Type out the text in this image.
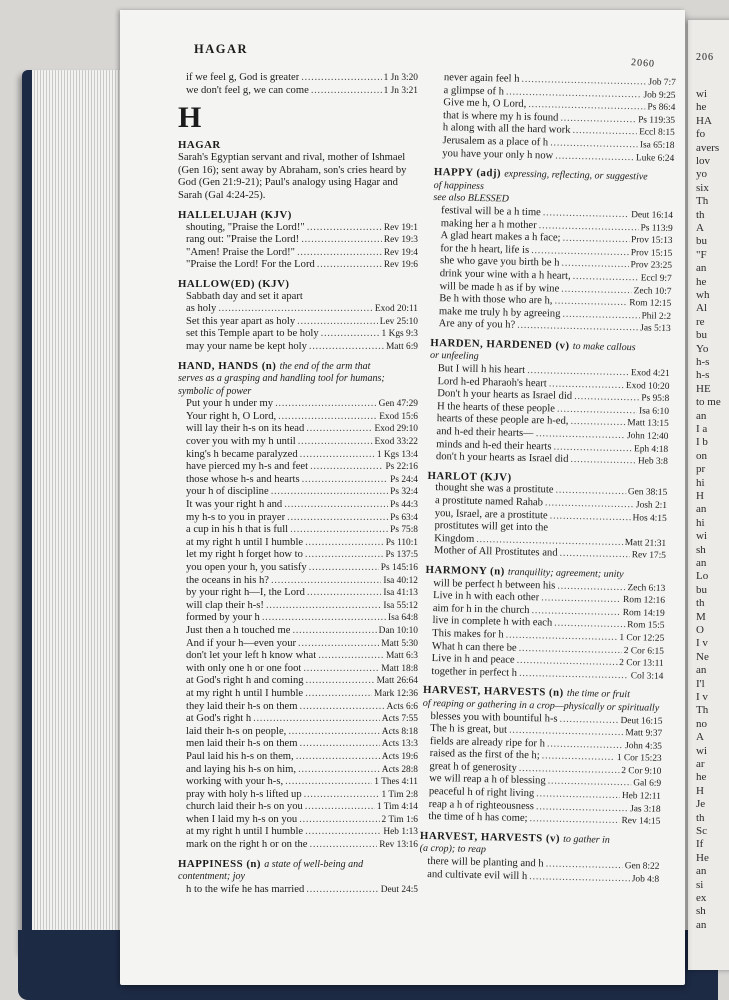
206
wi
he
HA
fo
avers
lov
yo
six
Th
th
A
bu
"F
an
he
wh
Al
re
bu
Yo
h-s
h-s
HE
to me
an
I a
I b
on
pr
hi
H
an
hi
wi
sh
an
Lo
bu
th
M
O
I v
Ne
an
I'l
I v
Th
no
A
wi
ar
he
H
Je
th
Sc
If
He
an
si
ex
sh
an
HAGAR
2060
if we feel g, God is greater . . .	1 Jn 3:20
we don't feel g, we can come . . .	1 Jn 3:21
H
HAGAR
Sarah's Egyptian servant and rival, mother of Ishmael (Gen 16); sent away by Abraham, son's cries heard by God (Gen 21:9-21); Paul's analogy using Hagar and Sarah (Gal 4:24-25).
HALLELUJAH (KJV)
shouting, "Praise the Lord!" . . .	Rev 19:1
rang out: "Praise the Lord! . . .	Rev 19:3
"Amen! Praise the Lord!" . . .	Rev 19:4
"Praise the Lord! For the Lord . . .	Rev 19:6
HALLOW(ED) (KJV)
Sabbath day and set it apart
as holy . . .	Exod 20:11
Set this year apart as holy . . .	Lev 25:10
set this Temple apart to be holy . . .	1 Kgs 9:3
may your name be kept holy . . .	Matt 6:9
HAND, HANDS (n) the end of the arm that
serves as a grasping and handling tool for humans; symbolic of power
Put your h under my . . .	Gen 47:29
Your right h, O Lord, . . .	Exod 15:6
will lay their h-s on its head . . .	Exod 29:10
cover you with my h until . . .	Exod 33:22
king's h became paralyzed . . .	1 Kgs 13:4
have pierced my h-s and feet . . .	Ps 22:16
those whose h-s and hearts . . .	Ps 24:4
your h of discipline . . .	Ps 32:4
It was your right h and . . .	Ps 44:3
my h-s to you in prayer . . .	Ps 63:4
a cup in his h that is full . . .	Ps 75:8
at my right h until I humble . . .	Ps 110:1
let my right h forget how to . . .	Ps 137:5
you open your h, you satisfy . . .	Ps 145:16
the oceans in his h? . . .	Isa 40:12
by your right h—I, the Lord . . .	Isa 41:13
will clap their h-s! . . .	Isa 55:12
formed by your h . . .	Isa 64:8
Just then a h touched me . . .	Dan 10:10
And if your h—even your . . .	Matt 5:30
don't let your left h know what . . .	Matt 6:3
with only one h or one foot . . .	Matt 18:8
at God's right h and coming . . .	Matt 26:64
at my right h until I humble . . .	Mark 12:36
they laid their h-s on them . . .	Acts 6:6
at God's right h . . .	Acts 7:55
laid their h-s on people, . . .	Acts 8:18
men laid their h-s on them . . .	Acts 13:3
Paul laid his h-s on them, . . .	Acts 19:6
and laying his h-s on him, . . .	Acts 28:8
working with your h-s, . . .	1 Thes 4:11
pray with holy h-s lifted up . . .	1 Tim 2:8
church laid their h-s on you . . .	1 Tim 4:14
when I laid my h-s on you . . .	2 Tim 1:6
at my right h until I humble . . .	Heb 1:13
mark on the right h or on the . . .	Rev 13:16
HAPPINESS (n) a state of well-being and
contentment; joy
h to the wife he has married . . .	Deut 24:5
never again feel h . . .	Job 7:7
a glimpse of h . . .	Job 9:25
Give me h, O Lord, . . .	Ps 86:4
that is where my h is found . . .	Ps 119:35
h along with all the hard work . . .	Eccl 8:15
Jerusalem as a place of h . . .	Isa 65:18
you have your only h now . . .	Luke 6:24
HAPPY (adj) expressing, reflecting, or suggestive
of happiness
see also BLESSED
festival will be a h time . . .	Deut 16:14
making her a h mother . . .	Ps 113:9
A glad heart makes a h face; . . .	Prov 15:13
for the h heart, life is . . .	Prov 15:15
she who gave you birth be h . . .	Prov 23:25
drink your wine with a h heart, . . .	Eccl 9:7
will be made h as if by wine . . .	Zech 10:7
Be h with those who are h, . . .	Rom 12:15
make me truly h by agreeing . . .	Phil 2:2
Are any of you h? . . .	Jas 5:13
HARDEN, HARDENED (v) to make callous
or unfeeling
But I will h his heart . . .	Exod 4:21
Lord h-ed Pharaoh's heart . . .	Exod 10:20
Don't h your hearts as Israel did . . .	Ps 95:8
H the hearts of these people . . .	Isa 6:10
hearts of these people are h-ed, . . .	Matt 13:15
and h-ed their hearts— . . .	John 12:40
minds and h-ed their hearts . . .	Eph 4:18
don't h your hearts as Israel did . . .	Heb 3:8
HARLOT (KJV)
thought she was a prostitute . . .	Gen 38:15
a prostitute named Rahab . . .	Josh 2:1
you, Israel, are a prostitute . . .	Hos 4:15
prostitutes will get into the
Kingdom . . .	Matt 21:31
Mother of All Prostitutes and . . .	Rev 17:5
HARMONY (n) tranquility; agreement; unity
will be perfect h between his . . .	Zech 6:13
Live in h with each other . . .	Rom 12:16
aim for h in the church . . .	Rom 14:19
live in complete h with each . . .	Rom 15:5
This makes for h . . .	1 Cor 12:25
What h can there be . . .	2 Cor 6:15
Live in h and peace . . .	2 Cor 13:11
together in perfect h . . .	Col 3:14
HARVEST, HARVESTS (n) the time or fruit
of reaping or gathering in a crop—physically or spiritually
blesses you with bountiful h-s . . .	Deut 16:15
The h is great, but . . .	Matt 9:37
fields are already ripe for h . . .	John 4:35
raised as the first of the h; . . .	1 Cor 15:23
great h of generosity . . .	2 Cor 9:10
we will reap a h of blessing . . .	Gal 6:9
peaceful h of right living . . .	Heb 12:11
reap a h of righteousness . . .	Jas 3:18
the time of h has come; . . .	Rev 14:15
HARVEST, HARVESTS (v) to gather in
(a crop); to reap
there will be planting and h . . .	Gen 8:22
and cultivate evil will h . . .	Job 4:8
